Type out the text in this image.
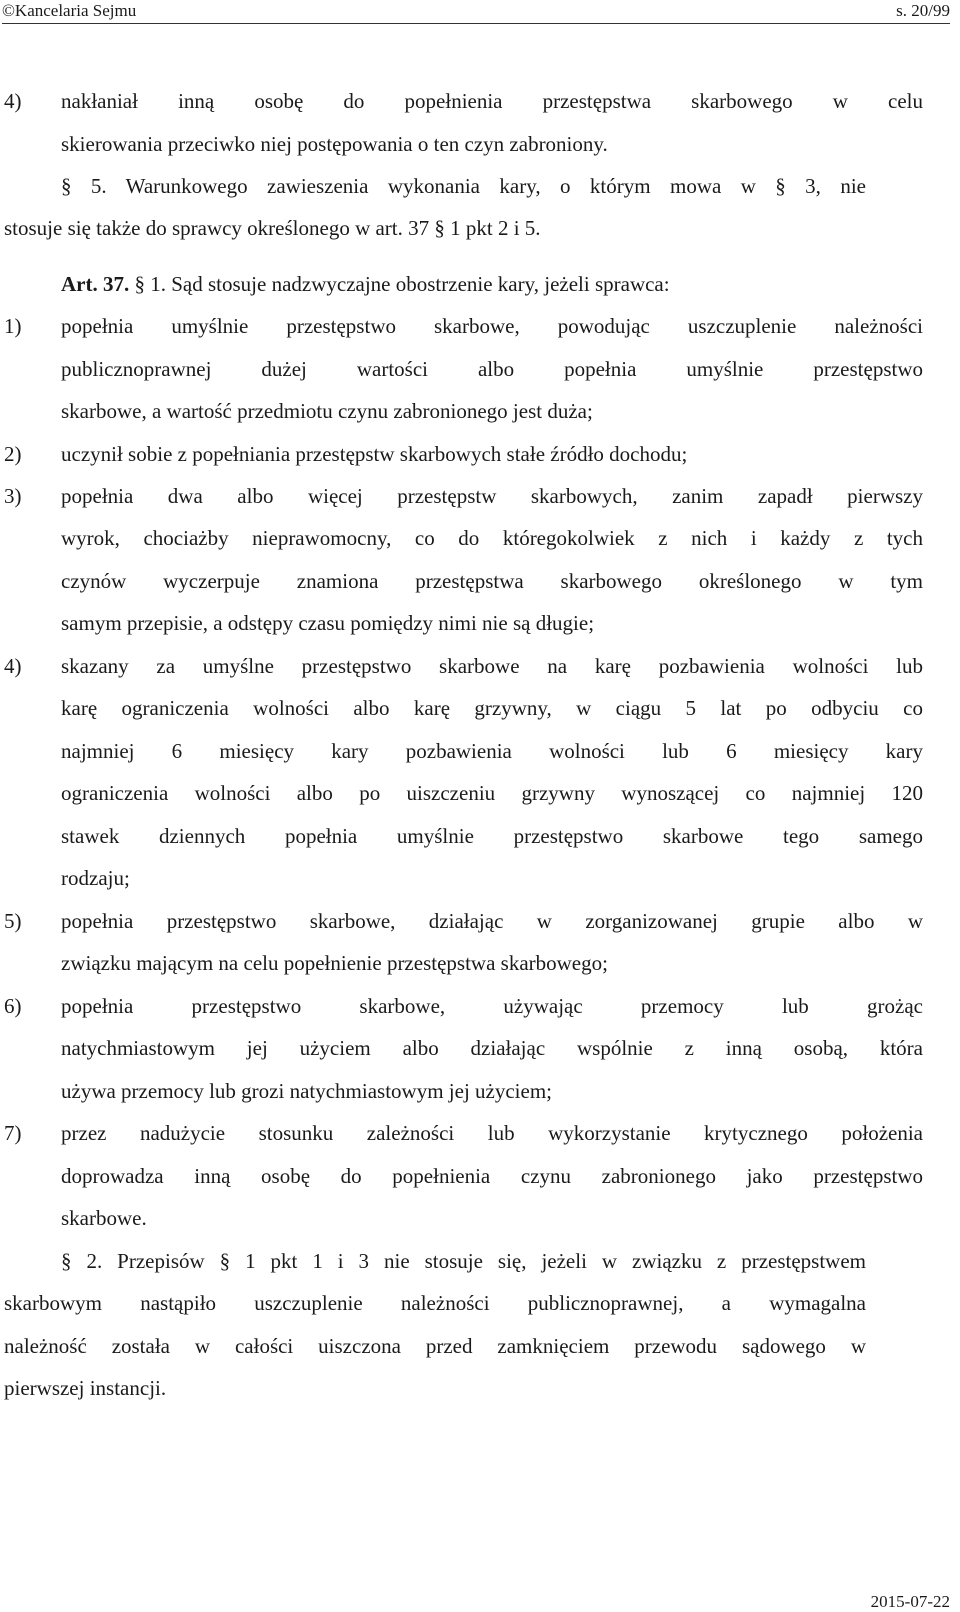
©Kancelaria Sejmu	s. 20/99
4) nakłaniał inną osobę do popełnienia przestępstwa skarbowego w celu
skierowania przeciwko niej postępowania o ten czyn zabroniony.
§ 5. Warunkowego zawieszenia wykonania kary, o którym mowa w § 3, nie
stosuje się także do sprawcy określonego w art. 37 § 1 pkt 2 i 5.
Art. 37. § 1. Sąd stosuje nadzwyczajne obostrzenie kary, jeżeli sprawca:
1) popełnia umyślnie przestępstwo skarbowe, powodując uszczuplenie należności
publicznoprawnej dużej wartości albo popełnia umyślnie przestępstwo
skarbowe, a wartość przedmiotu czynu zabronionego jest duża;
2) uczynił sobie z popełniania przestępstw skarbowych stałe źródło dochodu;
3) popełnia dwa albo więcej przestępstw skarbowych, zanim zapadł pierwszy
wyrok, chociażby nieprawomocny, co do któregokolwiek z nich i każdy z tych
czynów wyczerpuje znamiona przestępstwa skarbowego określonego w tym
samym przepisie, a odstępy czasu pomiędzy nimi nie są długie;
4) skazany za umyślne przestępstwo skarbowe na karę pozbawienia wolności lub
karę ograniczenia wolności albo karę grzywny, w ciągu 5 lat po odbyciu co
najmniej 6 miesięcy kary pozbawienia wolności lub 6 miesięcy kary
ograniczenia wolności albo po uiszczeniu grzywny wynoszącej co najmniej 120
stawek dziennych popełnia umyślnie przestępstwo skarbowe tego samego
rodzaju;
5) popełnia przestępstwo skarbowe, działając w zorganizowanej grupie albo w
związku mającym na celu popełnienie przestępstwa skarbowego;
6) popełnia przestępstwo skarbowe, używając przemocy lub grożąc
natychmiastowym jej użyciem albo działając wspólnie z inną osobą, która
używa przemocy lub grozi natychmiastowym jej użyciem;
7) przez nadużycie stosunku zależności lub wykorzystanie krytycznego położenia
doprowadza inną osobę do popełnienia czynu zabronionego jako przestępstwo
skarbowe.
§ 2. Przepisów § 1 pkt 1 i 3 nie stosuje się, jeżeli w związku z przestępstwem
skarbowym nastąpiło uszczuplenie należności publicznoprawnej, a wymagalna
należność została w całości uiszczona przed zamknięciem przewodu sądowego w
pierwszej instancji.
2015-07-22
